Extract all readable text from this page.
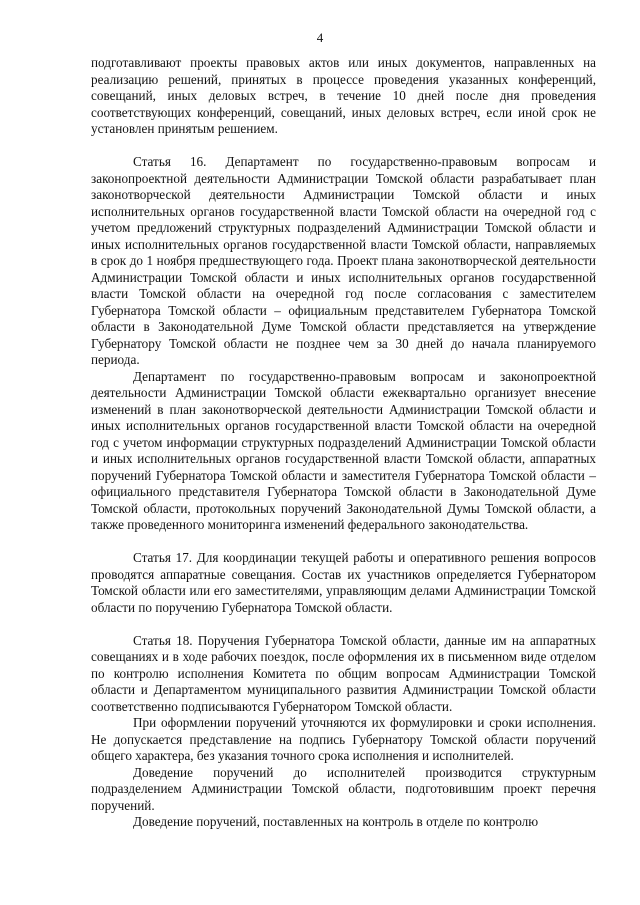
4

подготавливают проекты правовых актов или иных документов, направленных на реализацию решений, принятых в процессе проведения указанных конференций, совещаний, иных деловых встреч, в течение 10 дней после дня проведения соответствующих конференций, совещаний, иных деловых встреч, если иной срок не установлен принятым решением.

Статья 16. Департамент по государственно-правовым вопросам и законопроектной деятельности Администрации Томской области разрабатывает план законотворческой деятельности Администрации Томской области и иных исполнительных органов государственной власти Томской области на очередной год с учетом предложений структурных подразделений Администрации Томской области и иных исполнительных органов государственной власти Томской области, направляемых в срок до 1 ноября предшествующего года. Проект плана законотворческой деятельности Администрации Томской области и иных исполнительных органов государственной власти Томской области на очередной год после согласования с заместителем Губернатора Томской области – официальным представителем Губернатора Томской области в Законодательной Думе Томской области представляется на утверждение Губернатору Томской области не позднее чем за 30 дней до начала планируемого периода.

Департамент по государственно-правовым вопросам и законопроектной деятельности Администрации Томской области ежеквартально организует внесение изменений в план законотворческой деятельности Администрации Томской области и иных исполнительных органов государственной власти Томской области на очередной год с учетом информации структурных подразделений Администрации Томской области и иных исполнительных органов государственной власти Томской области, аппаратных поручений Губернатора Томской области и заместителя Губернатора Томской области – официального представителя Губернатора Томской области в Законодательной Думе Томской области, протокольных поручений Законодательной Думы Томской области, а также проведенного мониторинга изменений федерального законодательства.

Статья 17. Для координации текущей работы и оперативного решения вопросов проводятся аппаратные совещания. Состав их участников определяется Губернатором Томской области или его заместителями, управляющим делами Администрации Томской области по поручению Губернатора Томской области.

Статья 18. Поручения Губернатора Томской области, данные им на аппаратных совещаниях и в ходе рабочих поездок, после оформления их в письменном виде отделом по контролю исполнения Комитета по общим вопросам Администрации Томской области и Департаментом муниципального развития Администрации Томской области соответственно подписываются Губернатором Томской области.

При оформлении поручений уточняются их формулировки и сроки исполнения. Не допускается представление на подпись Губернатору Томской области поручений общего характера, без указания точного срока исполнения и исполнителей.

Доведение поручений до исполнителей производится структурным подразделением Администрации Томской области, подготовившим проект перечня поручений.

Доведение поручений, поставленных на контроль в отделе по контролю
